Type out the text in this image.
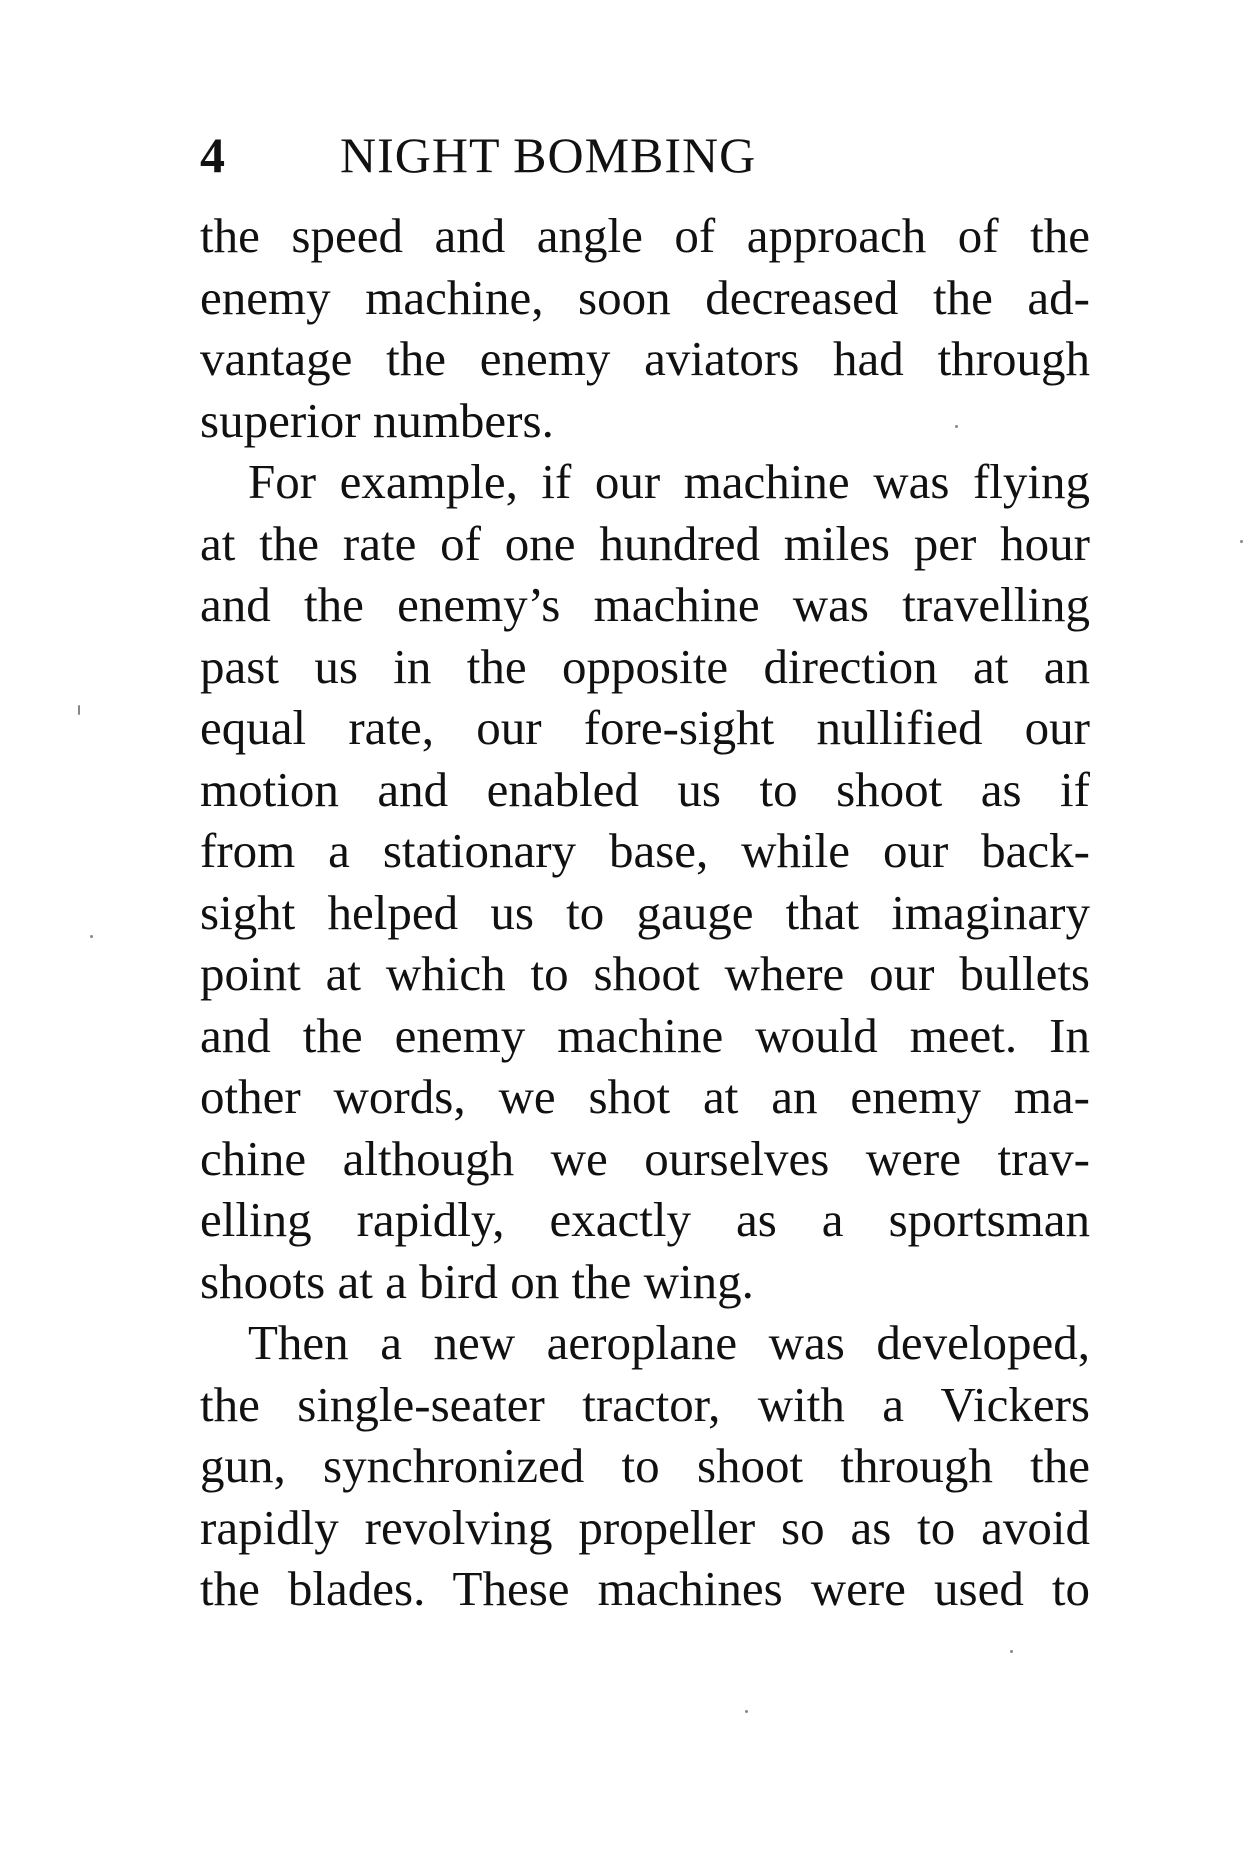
4 NIGHT BOMBING
the speed and angle of approach of the
enemy machine, soon decreased the ad-
vantage the enemy aviators had through
superior numbers.
For example, if our machine was flying
at the rate of one hundred miles per hour
and the enemy’s machine was travelling
past us in the opposite direction at an
equal rate, our fore-sight nullified our
motion and enabled us to shoot as if
from a stationary base, while our back-
sight helped us to gauge that imaginary
point at which to shoot where our bullets
and the enemy machine would meet. In
other words, we shot at an enemy ma-
chine although we ourselves were trav-
elling rapidly, exactly as a sportsman
shoots at a bird on the wing.
Then a new aeroplane was developed,
the single-seater tractor, with a Vickers
gun, synchronized to shoot through the
rapidly revolving propeller so as to avoid
the blades. These machines were used to
